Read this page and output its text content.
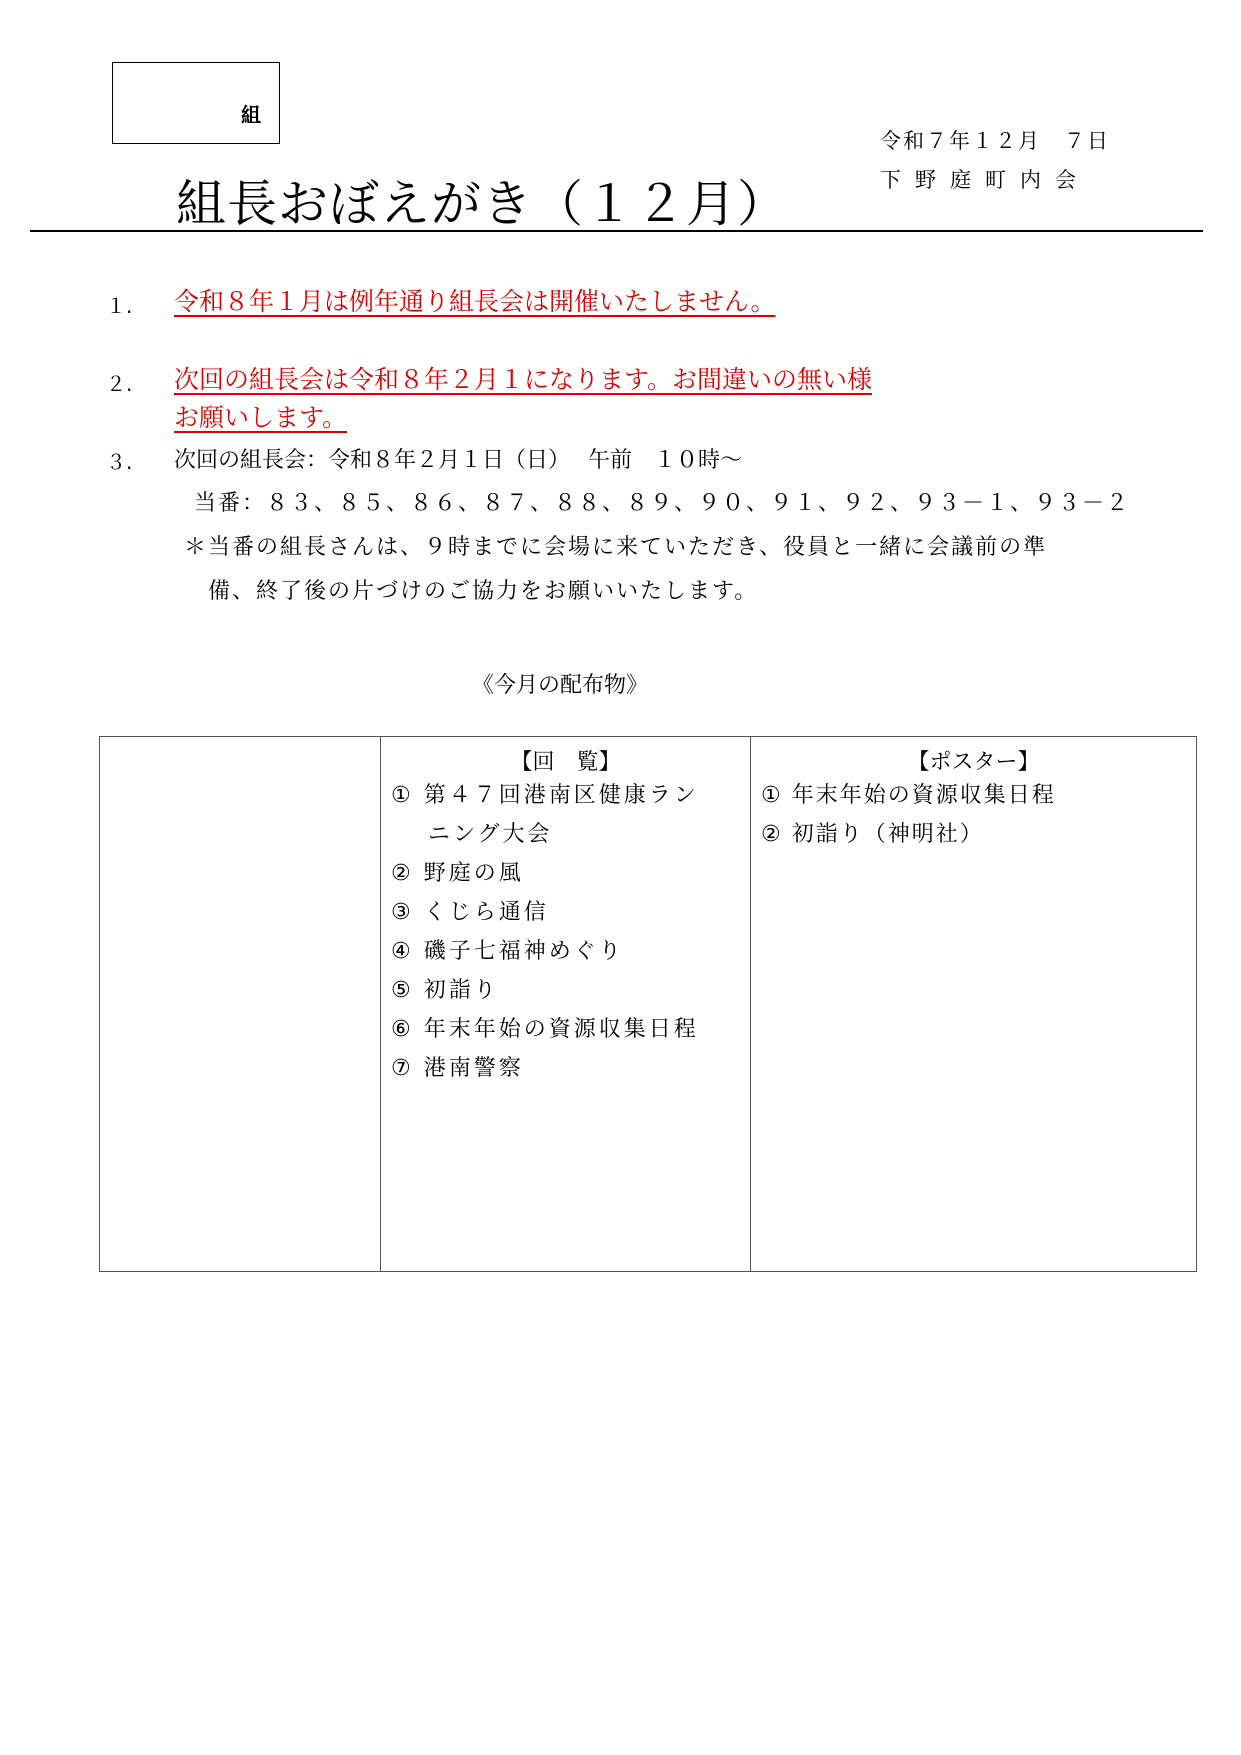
組
令和７年１２月　７日
下野庭町内会
組長おぼえがき（１２月）
１. 令和８年１月は例年通り組長会は開催いたしません。
２. 次回の組長会は令和８年２月１になります。お間違いの無い様
お願いします。
３. 次回の組長会：令和８年２月１日（日）　 午前　１０時～
当番：８３、８５、８６、８７、８８、８９、９０、９１、９２、９３－１、９３－２
＊当番の組長さんは、９時までに会場に来ていただき、役員と一緒に会議前の準
備、終了後の片づけのご協力をお願いいたします。
《今月の配布物》

【回　覧】
① 第４７回港南区健康ラン
ニング大会
② 野庭の風
③ くじら通信
④ 磯子七福神めぐり
⑤ 初詣り
⑥ 年末年始の資源収集日程
⑦ 港南警察

【ポスター】
① 年末年始の資源収集日程
② 初詣り（神明社）
